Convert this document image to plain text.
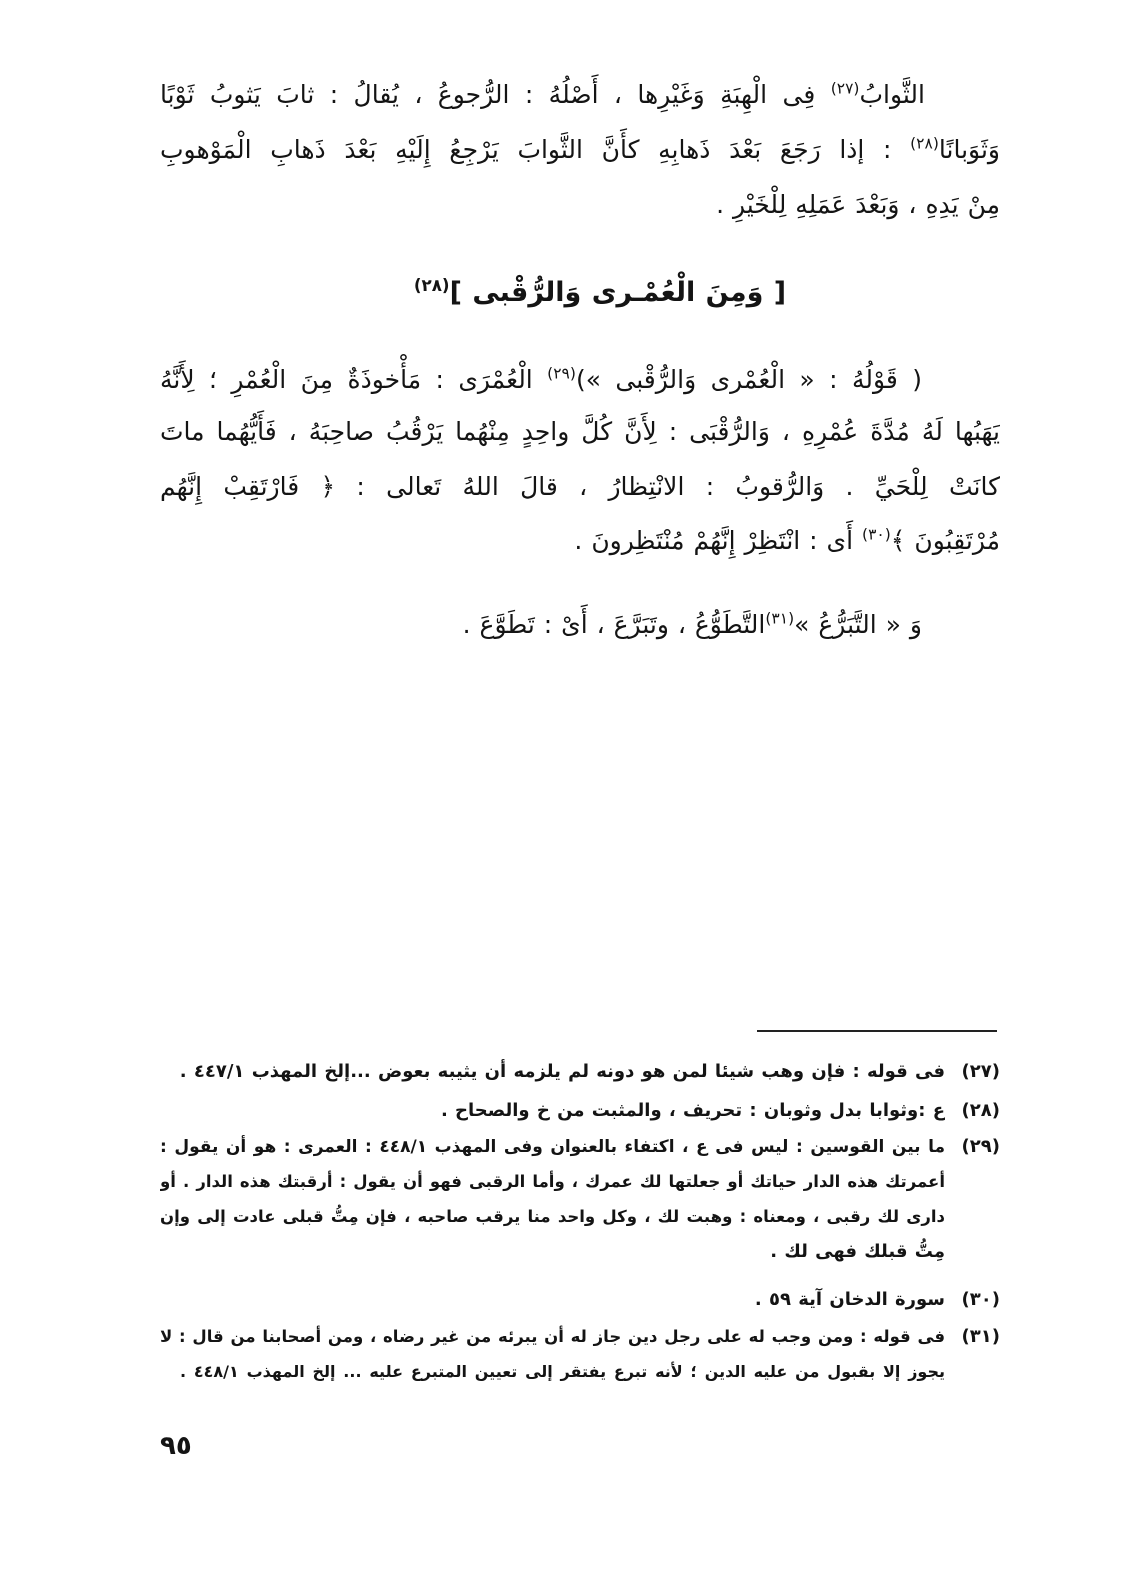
الثَّوابُ$^{(٢٧)}$ فِى الْهِبَةِ وَغَيْرِها ، أَصْلُهُ : الرُّجوعُ ، يُقالُ : ثابَ يَثوبُ ثَوْبًا
وَثَوَبانًا$^{(٢٨)}$ : إذا رَجَعَ بَعْدَ ذَهابِهِ كأَنَّ الثَّوابَ يَرْجِعُ إِلَيْهِ بَعْدَ ذَهابِ الْمَوْهوبِ
مِنْ يَدِهِ ، وَبَعْدَ عَمَلِهِ لِلْخَيْرِ .
[ وَمِنَ الْعُمْـرى وَالرُّقْبى ]$^{(٢٨)}$
( قَوْلُهُ : « الْعُمْرى وَالرُّقْبى »)$^{(٢٩)}$ الْعُمْرَى : مَأْخوذَةٌ مِنَ الْعُمْرِ ؛ لِأَنَّهُ
يَهَبُها لَهُ مُدَّةَ عُمْرِهِ ، وَالرُّقْبَى : لِأَنَّ كُلَّ واحِدٍ مِنْهُما يَرْقُبُ صاحِبَهُ ، فَأَيُّهُما ماتَ
كانَتْ لِلْحَيِّ . وَالرُّقوبُ : الانْتِظارُ ، قالَ اللهُ تَعالى : ﴿ فَارْتَقِبْ إِنَّهُم
مُرْتَقِبُونَ ﴾$^{(٣٠)}$ أَى : انْتَظِرْ إِنَّهُمْ مُنْتَظِرونَ .
وَ « التَّبَرُّعُ »$^{(٣١)}$التَّطَوُّعُ ، وتَبَرَّعَ ، أَىْ : تَطَوَّعَ .
(٢٧)
فى قوله : فإن وهب شيئا لمن هو دونه لم يلزمه أن يثيبه بعوض ...إلخ المهذب ٤٤٧/١ .
(٢٨)
ع :وثوابا بدل وثوبان : تحريف ، والمثبت من خ والصحاح .
(٢٩)
ما بين القوسين : ليس فى ع ، اكتفاء بالعنوان وفى المهذب ٤٤٨/١ : العمرى : هو أن يقول :
أعمرتك هذه الدار حياتك أو جعلتها لك عمرك ، وأما الرقبى فهو أن يقول : أرقبتك هذه الدار . أو
دارى لك رقبى ، ومعناه : وهبت لك ، وكل واحد منا يرقب صاحبه ، فإن مِتُّ قبلى عادت إلى وإن
مِتُّ قبلك فهى لك .
(٣٠)
سورة الدخان آية ٥٩ .
(٣١)
فى قوله : ومن وجب له على رجل دين جاز له أن يبرئه من غير رضاه ، ومن أصحابنا من قال : لا
يجوز إلا بقبول من عليه الدين ؛ لأنه تبرع يفتقر إلى تعيين المتبرع عليه ... إلخ المهذب ٤٤٨/١ .
٩٥
